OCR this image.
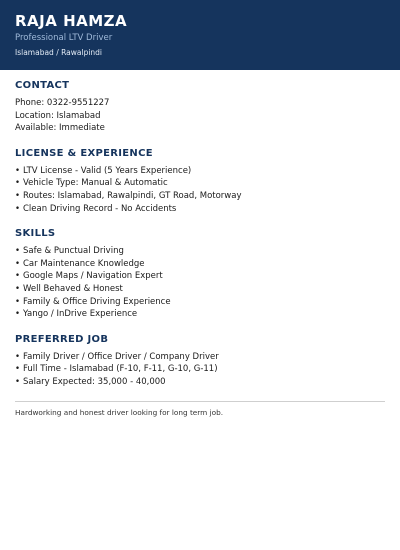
RAJA HAMZA
Professional LTV Driver
Islamabad / Rawalpindi
CONTACT
Phone: 0322-9551227
Location: Islamabad
Available: Immediate
LICENSE & EXPERIENCE
• LTV License - Valid (5 Years Experience)
• Vehicle Type: Manual & Automatic
• Routes: Islamabad, Rawalpindi, GT Road, Motorway
• Clean Driving Record - No Accidents
SKILLS
• Safe & Punctual Driving
• Car Maintenance Knowledge
• Google Maps / Navigation Expert
• Well Behaved & Honest
• Family & Office Driving Experience
• Yango / InDrive Experience
PREFERRED JOB
• Family Driver / Office Driver / Company Driver
• Full Time - Islamabad (F-10, F-11, G-10, G-11)
• Salary Expected: 35,000 - 40,000
Hardworking and honest driver looking for long term job.
